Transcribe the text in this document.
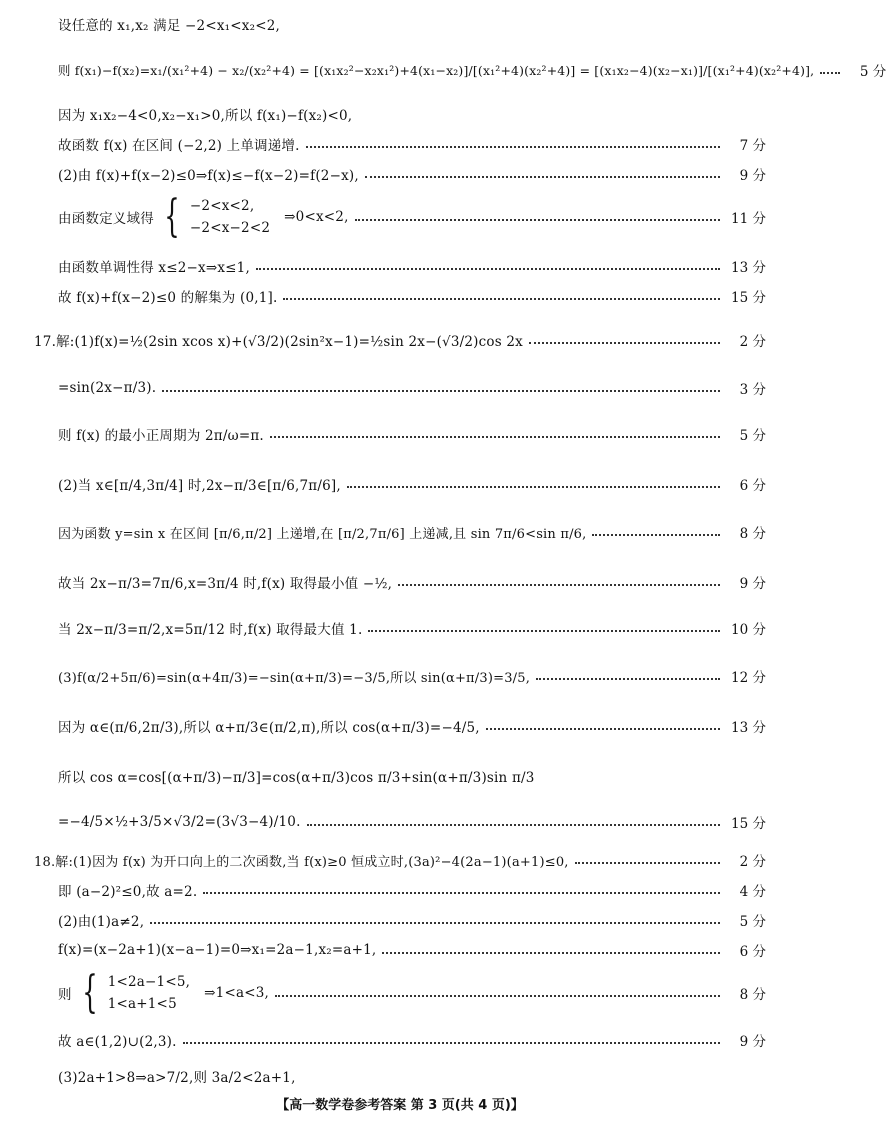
设任意的 x₁,x₂ 满足 −2<x₁<x₂<2,
则 f(x₁)−f(x₂)=x₁/(x₁²+4) − x₂/(x₂²+4) = [(x₁x₂²−x₂x₁²)+4(x₁−x₂)]/[(x₁²+4)(x₂²+4)] = [(x₁x₂−4)(x₂−x₁)]/[(x₁²+4)(x₂²+4)],	5 分
因为 x₁x₂−4<0,x₂−x₁>0,所以 f(x₁)−f(x₂)<0,
故函数 f(x) 在区间 (−2,2) 上单调递增.	7 分
(2)由 f(x)+f(x−2)≤0⇒f(x)≤−f(x−2)=f(2−x),	9 分
由函数定义域得 { −2<x<2,
−2<x−2<2
⇒0<x<2,	11 分
由函数单调性得 x≤2−x⇒x≤1,	13 分
故 f(x)+f(x−2)≤0 的解集为 (0,1].	15 分
17.解:(1)f(x)=½(2sin xcos x)+(√3/2)(2sin²x−1)=½sin 2x−(√3/2)cos 2x	2 分
=sin(2x−π/3).	3 分
则 f(x) 的最小正周期为 2π/ω=π.	5 分
(2)当 x∈[π/4,3π/4] 时,2x−π/3∈[π/6,7π/6],	6 分
因为函数 y=sin x 在区间 [π/6,π/2] 上递增,在 [π/2,7π/6] 上递减,且 sin 7π/6<sin π/6,	8 分
故当 2x−π/3=7π/6,x=3π/4 时,f(x) 取得最小值 −½,	9 分
当 2x−π/3=π/2,x=5π/12 时,f(x) 取得最大值 1.	10 分
(3)f(α/2+5π/6)=sin(α+4π/3)=−sin(α+π/3)=−3/5,所以 sin(α+π/3)=3/5,	12 分
因为 α∈(π/6,2π/3),所以 α+π/3∈(π/2,π),所以 cos(α+π/3)=−4/5,	13 分
所以 cos α=cos[(α+π/3)−π/3]=cos(α+π/3)cos π/3+sin(α+π/3)sin π/3
=−4/5×½+3/5×√3/2=(3√3−4)/10.	15 分
18.解:(1)因为 f(x) 为开口向上的二次函数,当 f(x)≥0 恒成立时,(3a)²−4(2a−1)(a+1)≤0,	2 分
即 (a−2)²≤0,故 a=2.	4 分
(2)由(1)a≠2,	5 分
f(x)=(x−2a+1)(x−a−1)=0⇒x₁=2a−1,x₂=a+1,	6 分
则 { 1<2a−1<5,
1<a+1<5
⇒1<a<3,	8 分
故 a∈(1,2)∪(2,3).	9 分
(3)2a+1>8⇒a>7/2,则 3a/2<2a+1,
【高一数学卷参考答案 第 3 页(共 4 页)】
